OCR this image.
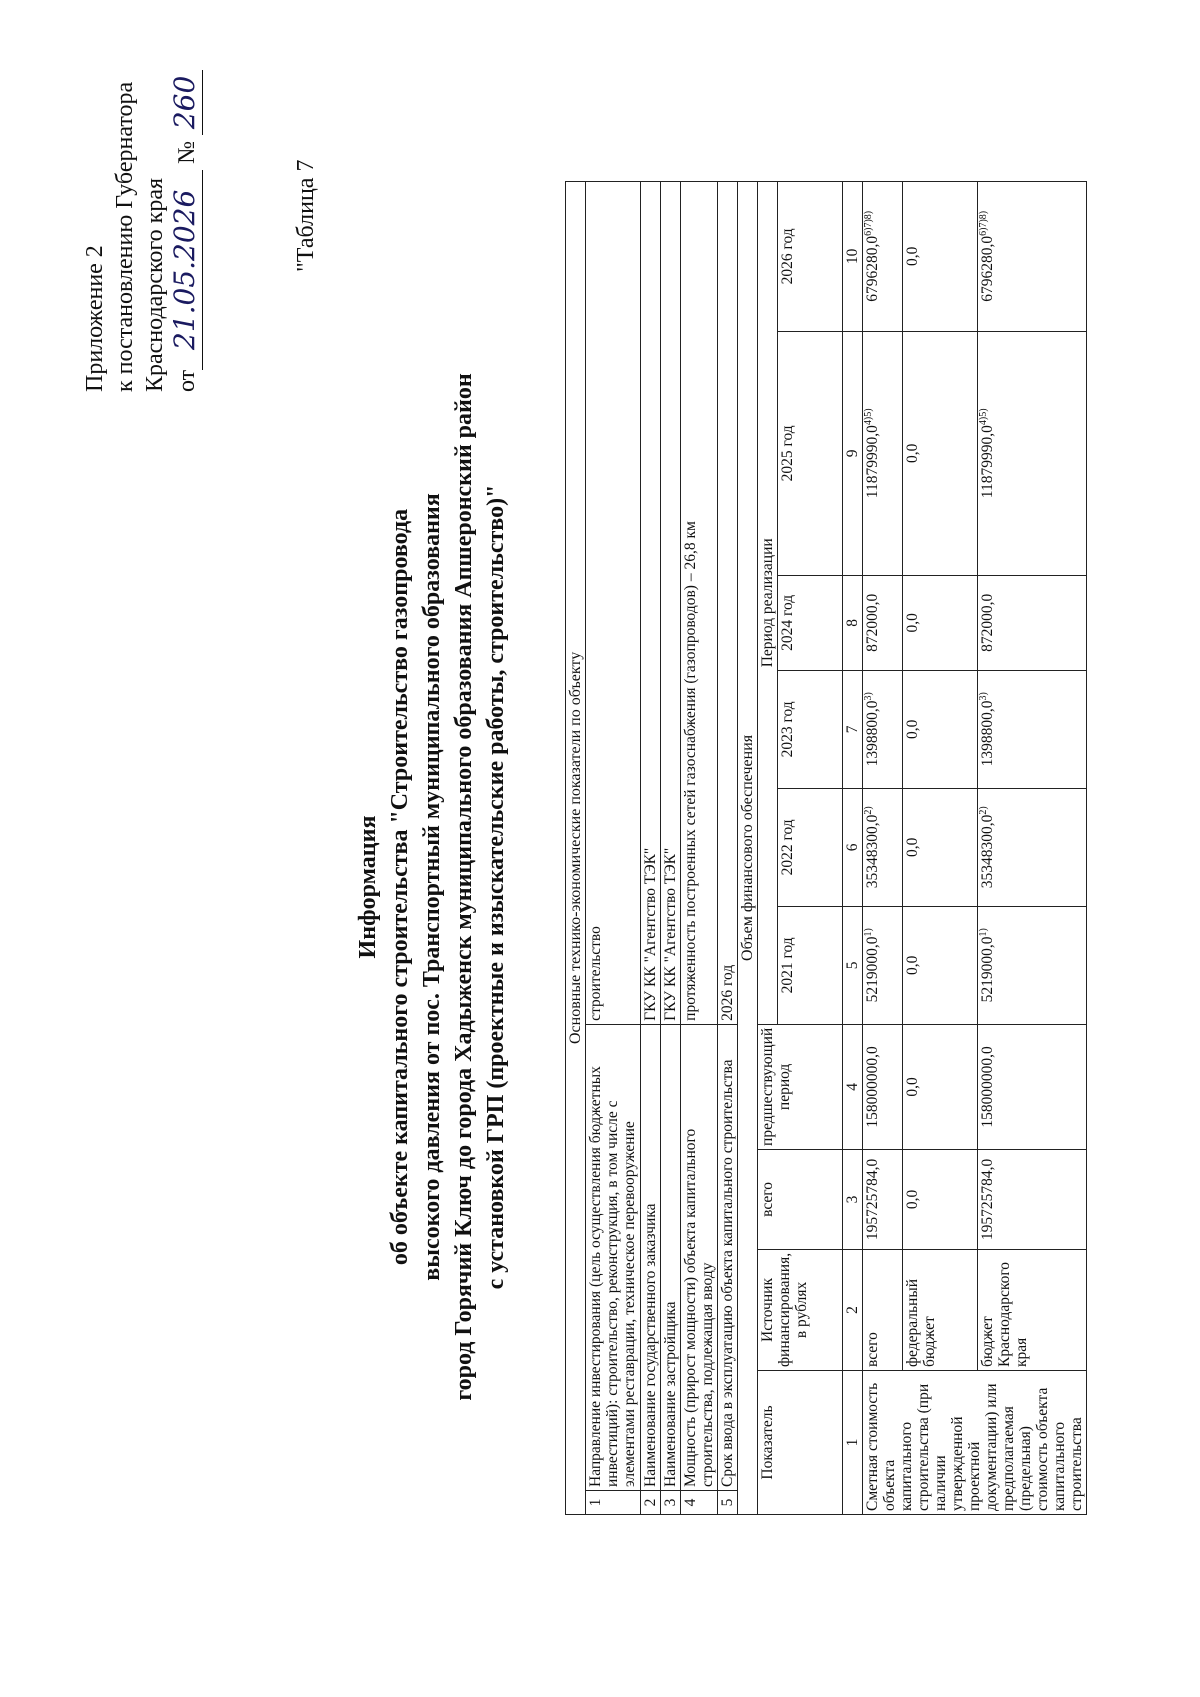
Приложение 2 к постановлению Губернатора Краснодарского края от21.05.2026 № 260
"Таблица 7
Информация об объекте капитального строительства "Строительство газопровода высокого давления от пос. Транспортный муниципального образования город Горячий Ключ до города Хадыженск муниципального образования Апшеронский район с установкой ГРП (проектные и изыскательские работы, строительство)"	Основные технико-экономические показатели по объекту										
1	Направление инвестирования (цель осуществления бюджетных инвестиций): строительство, реконструкция, в том числе с элементами реставрации, техническое перевооружение				строительство					
2	Наименование государственного заказчика				ГКУ КК "Агентство ТЭК"					
3	Наименование застройщика				ГКУ КК "Агентство ТЭК"					
4	Мощность (прирост мощности) объекта капитального строительства, подлежащая вводу				протяженность построенных сетей газоснабжения (газопроводов) – 26,8 км					
5	Срок ввода в эксплуатацию объекта капитального строительства				2026 год					
Объем финансового обеспечения										
Показатель		Источник финансирования, в рублях	всего	предшествующий период	Период реализации					
					2021 год	2022 год	2023 год	2024 год	2025 год	2026 год
1		2	3	4	5	6	7	8	9	10
Сметная стоимость объекта капитального строительства (при наличии утвержденной проектной документации) или предполагаемая (предельная) стоимость объекта капитального строительства		всего	195725784,0	158000000,0	5219000,0$^{1)}$	35348300,0$^{2)}$	1398800,0$^{3)}$	872000,0	$11879990,0^{4)5)}$	$6796280,0^{6)7)8)}$
		федеральный бюджет	0,0	0,0	0,0	0,0	0,0	0,0	0,0	0,0
		бюджет Краснодарского края	195725784,0	158000000,0	5219000,0$^{1)}$	35348300,0$^{2)}$	1398800,0$^{3)}$	872000,0	$11879990,0^{4)5)}$	$6796280,0^{6)7)8)}$
